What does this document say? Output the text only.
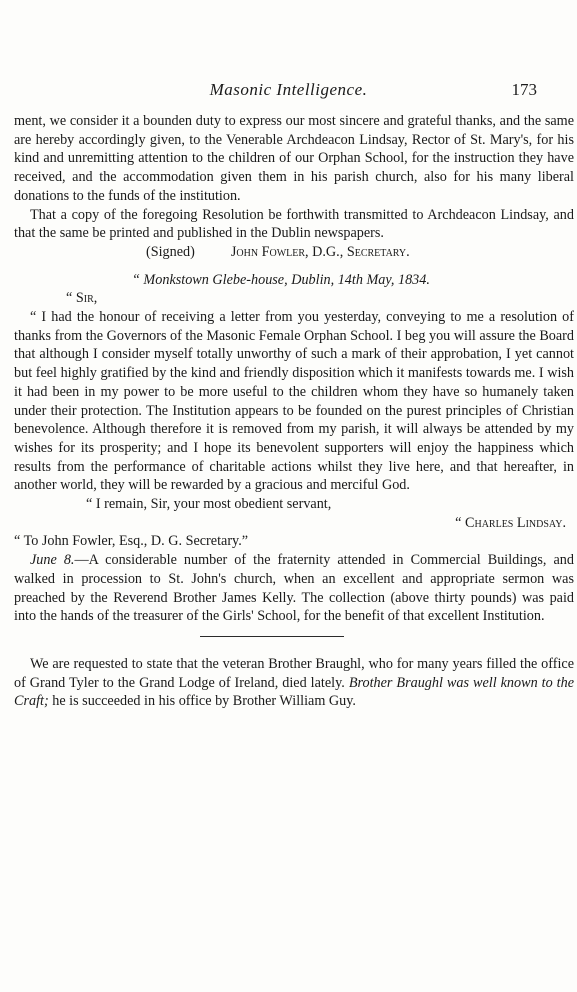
Masonic Intelligence.	173

ment, we consider it a bounden duty to express our most sincere and grateful thanks, and the same are hereby accordingly given, to the Venerable Archdeacon Lindsay, Rector of St. Mary's, for his kind and unremitting attention to the children of our Orphan School, for the instruction they have received, and the accommodation given them in his parish church, also for his many liberal donations to the funds of the institution.

That a copy of the foregoing Resolution be forthwith transmitted to Archdeacon Lindsay, and that the same be printed and published in the Dublin newspapers.

(Signed)	John Fowler, D.G., Secretary.

“ Monkstown Glebe-house, Dublin, 14th May, 1834.

“ Sir,

“ I had the honour of receiving a letter from you yesterday, conveying to me a resolution of thanks from the Governors of the Masonic Female Orphan School. I beg you will assure the Board that although I consider myself totally unworthy of such a mark of their approbation, I yet cannot but feel highly gratified by the kind and friendly disposition which it manifests towards me. I wish it had been in my power to be more useful to the children whom they have so humanely taken under their protection. The Institution appears to be founded on the purest principles of Christian benevolence. Although therefore it is removed from my parish, it will always be attended by my wishes for its prosperity; and I hope its benevolent supporters will enjoy the happiness which results from the performance of charitable actions whilst they live here, and that hereafter, in another world, they will be rewarded by a gracious and merciful God.

“ I remain, Sir, your most obedient servant,

“ Charles Lindsay.

“ To John Fowler, Esq., D. G. Secretary.”

June 8.—A considerable number of the fraternity attended in Commercial Buildings, and walked in procession to St. John's church, when an excellent and appropriate sermon was preached by the Reverend Brother James Kelly. The collection (above thirty pounds) was paid into the hands of the treasurer of the Girls' School, for the benefit of that excellent Institution.

We are requested to state that the veteran Brother Braughl, who for many years filled the office of Grand Tyler to the Grand Lodge of Ireland, died lately. Brother Braughl was well known to the Craft; he is succeeded in his office by Brother William Guy.
